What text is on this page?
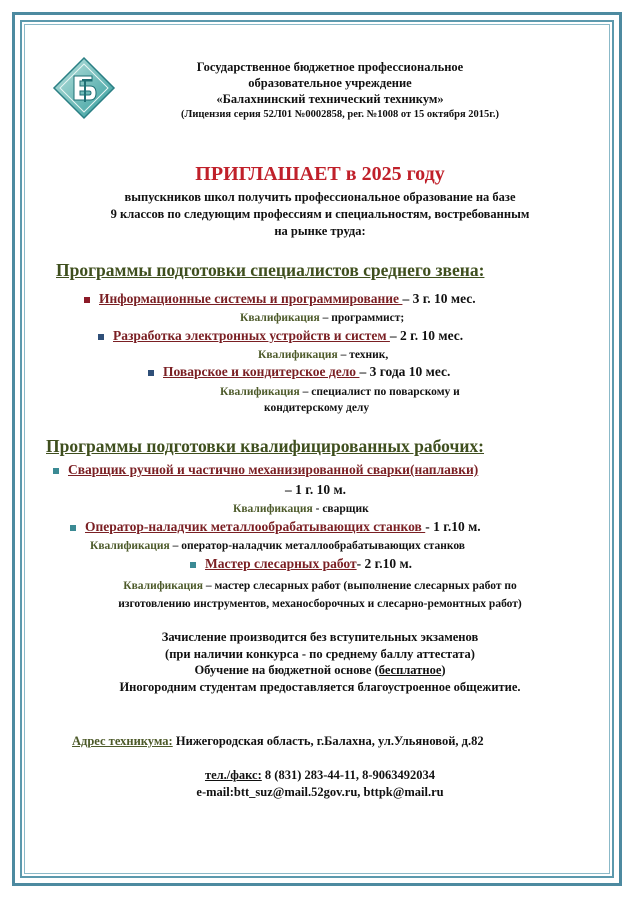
Государственное бюджетное профессиональное
образовательное учреждение
«Балахнинский технический техникум»
(Лицензия серия 52Л01 №0002858, рег. №1008 от 15 октября 2015г.)
ПРИГЛАШАЕТ в 2025 году
выпускников школ получить профессиональное образование на базе
9 классов по следующим профессиям и специальностям, востребованным
на рынке труда:
Программы подготовки специалистов среднего звена:
Информационные системы и программирование – 3 г. 10 мес.
Квалификация – программист;
Разработка электронных устройств и систем – 2 г. 10 мес.
Квалификация – техник,
Поварское и кондитерское дело – 3 года 10 мес.
Квалификация – специалист по поварскому и
кондитерскому делу
Программы подготовки квалифицированных рабочих:
Сварщик ручной и частично механизированной сварки(наплавки)
– 1 г. 10 м.
Квалификация - сварщик
Оператор-наладчик металлообрабатывающих станков - 1 г.10 м.
Квалификация – оператор-наладчик металлообрабатывающих станков
Мастер слесарных работ- 2 г.10 м.
Квалификация – мастер слесарных работ (выполнение слесарных работ по
изготовлению инструментов, механосборочных и слесарно-ремонтных работ)
Зачисление производится без вступительных экзаменов
(при наличии конкурса - по среднему баллу аттестата)
Обучение на бюджетной основе (бесплатное)
Иногородним студентам предоставляется благоустроенное общежитие.
Адрес техникума: Нижегородская область, г.Балахна, ул.Ульяновой, д.82
тел./факс: 8 (831) 283-44-11, 8-9063492034
e-mail:btt_suz@mail.52gov.ru, bttpk@mail.ru
